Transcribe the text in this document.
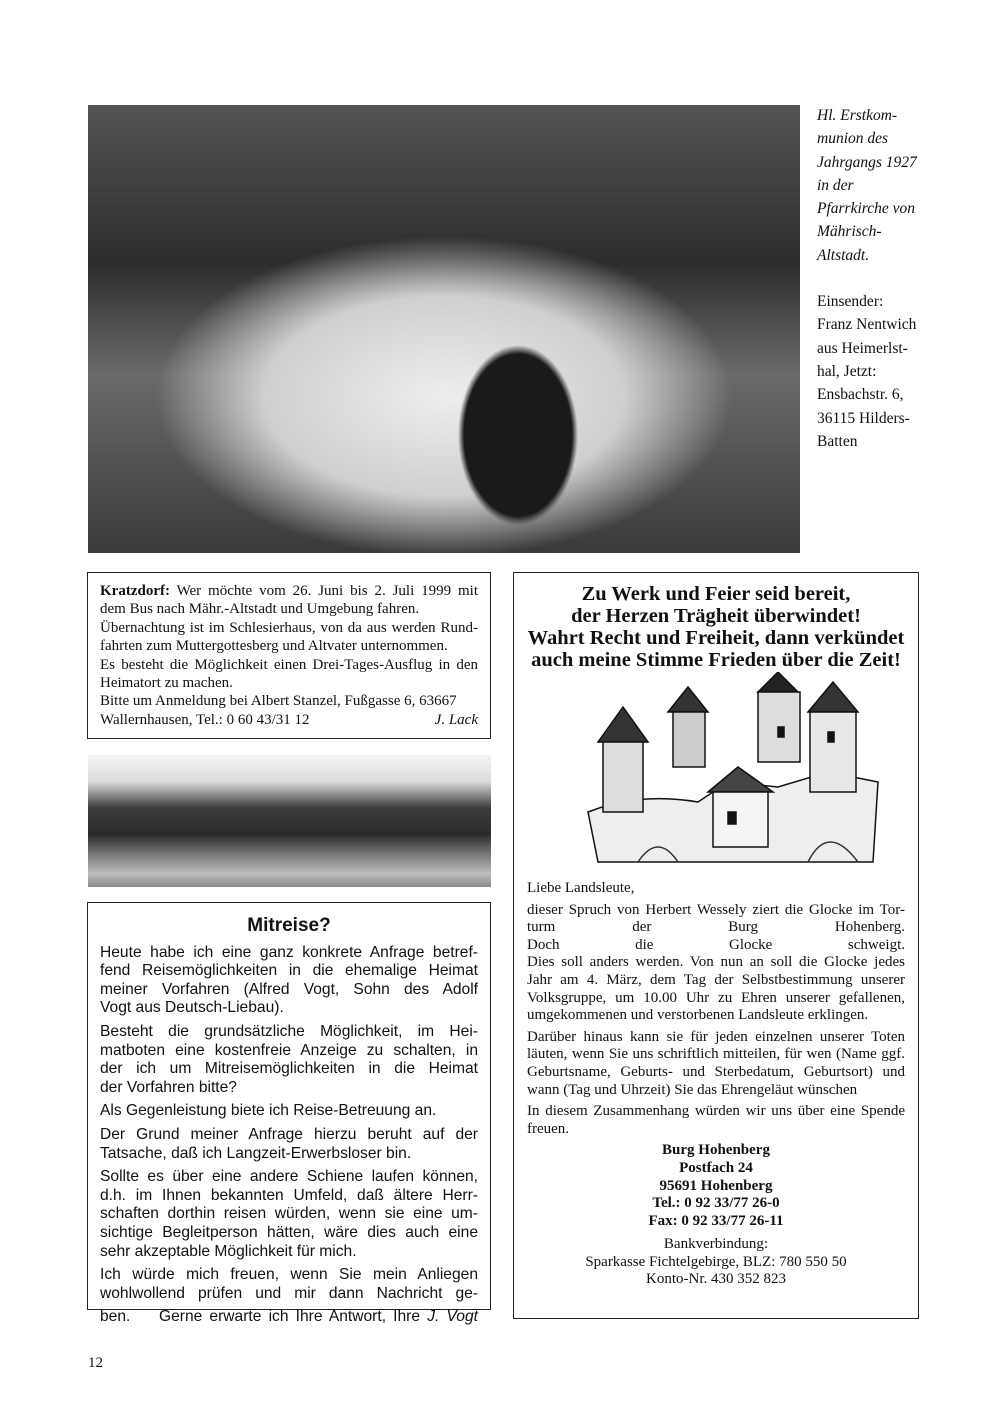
Hl. Erstkom-
munion des
Jahrgangs 1927
in der
Pfarrkirche von
Mährisch-
Altstadt.
Einsender:
Franz Nentwich
aus Heimerlst-
hal, Jetzt:
Ensbachstr. 6,
36115 Hilders-
Batten
Kratzdorf: Wer möchte vom 26. Juni bis 2. Juli 1999 mit
dem Bus nach Mähr.-Altstadt und Umgebung fahren.
Übernachtung ist im Schlesierhaus, von da aus werden Rund-
fahrten zum Muttergottesberg und Altvater unternommen.
Es besteht die Möglichkeit einen Drei-Tages-Ausflug in den
Heimatort zu machen.
Bitte um Anmeldung bei Albert Stanzel, Fußgasse 6, 63667
Wallernhausen, Tel.: 0 60 43/31 12	J. Lack
Zu Werk und Feier seid bereit,
der Herzen Trägheit überwindet!
Wahrt Recht und Freiheit, dann verkündet
auch meine Stimme Frieden über die Zeit!
Liebe Landsleute,
dieser Spruch von Herbert Wessely ziert die Glocke im Tor-
turm der Burg Hohenberg.
Doch die Glocke schweigt.
Dies soll anders werden. Von nun an soll die Glocke jedes
Jahr am 4. März, dem Tag der Selbstbestimmung unserer
Volksgruppe, um 10.00 Uhr zu Ehren unserer gefallenen,
umgekommenen und verstorbenen Landsleute erklingen.
Darüber hinaus kann sie für jeden einzelnen unserer Toten
läuten, wenn Sie uns schriftlich mitteilen, für wen (Name ggf.
Geburtsname, Geburts- und Sterbedatum, Geburtsort) und
wann (Tag und Uhrzeit) Sie das Ehrengeläut wünschen
In diesem Zusammenhang würden wir uns über eine Spende
freuen.
Burg Hohenberg
Postfach 24
95691 Hohenberg
Tel.: 0 92 33/77 26-0
Fax: 0 92 33/77 26-11
Bankverbindung:
Sparkasse Fichtelgebirge, BLZ: 780 550 50
Konto-Nr. 430 352 823
Mitreise?
Heute habe ich eine ganz konkrete Anfrage betref-
fend Reisemöglichkeiten in die ehemalige Heimat
meiner Vorfahren (Alfred Vogt, Sohn des Adolf
Vogt aus Deutsch-Liebau).
Besteht die grundsätzliche Möglichkeit, im Hei-
matboten eine kostenfreie Anzeige zu schalten, in
der ich um Mitreisemöglichkeiten in die Heimat
der Vorfahren bitte?
Als Gegenleistung biete ich Reise-Betreuung an.
Der Grund meiner Anfrage hierzu beruht auf der
Tatsache, daß ich Langzeit-Erwerbsloser bin.
Sollte es über eine andere Schiene laufen können,
d.h. im Ihnen bekannten Umfeld, daß ältere Herr-
schaften dorthin reisen würden, wenn sie eine um-
sichtige Begleitperson hätten, wäre dies auch eine
sehr akzeptable Möglichkeit für mich.
Ich würde mich freuen, wenn Sie mein Anliegen
wohlwollend prüfen und mir dann Nachricht ge-
ben.    Gerne erwarte ich Ihre Antwort, Ihre J. Vogt
12
